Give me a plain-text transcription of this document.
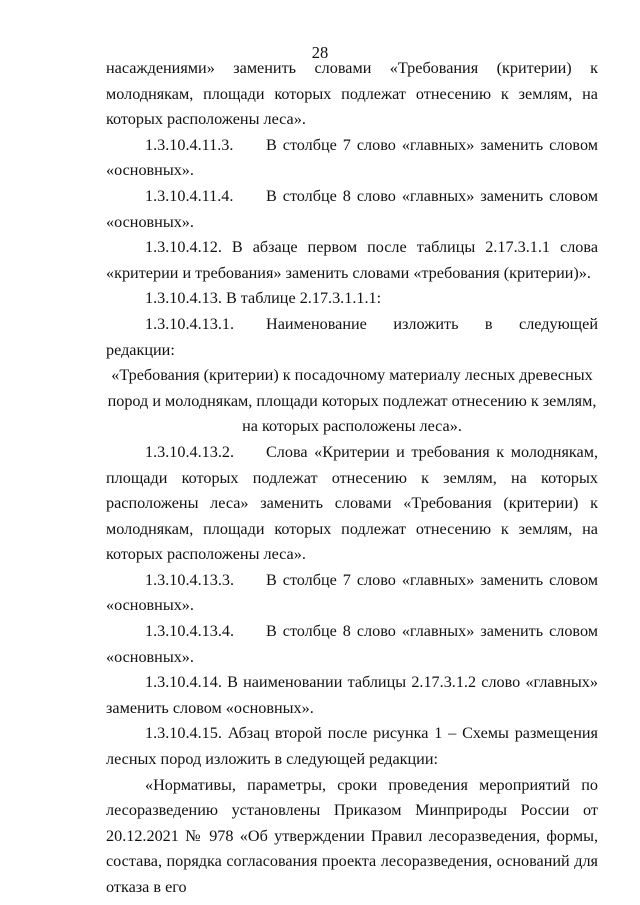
28

насаждениями» заменить словами «Требования (критерии) к молоднякам, площади которых подлежат отнесению к землям, на которых расположены леса».

1.3.10.4.11.3. В столбце 7 слово «главных» заменить словом «основных».

1.3.10.4.11.4. В столбце 8 слово «главных» заменить словом «основных».

1.3.10.4.12. В абзаце первом после таблицы 2.17.3.1.1 слова «критерии и требования» заменить словами «требования (критерии)».

1.3.10.4.13. В таблице 2.17.3.1.1.1:

1.3.10.4.13.1. Наименование изложить в следующей редакции:

«Требования (критерии) к посадочному материалу лесных древесных пород и молоднякам, площади которых подлежат отнесению к землям, на которых расположены леса».

1.3.10.4.13.2. Слова «Критерии и требования к молоднякам, площади которых подлежат отнесению к землям, на которых расположены леса» заменить словами «Требования (критерии) к молоднякам, площади которых подлежат отнесению к землям, на которых расположены леса».

1.3.10.4.13.3. В столбце 7 слово «главных» заменить словом «основных».

1.3.10.4.13.4. В столбце 8 слово «главных» заменить словом «основных».

1.3.10.4.14. В наименовании таблицы 2.17.3.1.2 слово «главных» заменить словом «основных».

1.3.10.4.15. Абзац второй после рисунка 1 – Схемы размещения лесных пород изложить в следующей редакции:

«Нормативы, параметры, сроки проведения мероприятий по лесоразведению установлены Приказом Минприроды России от 20.12.2021 № 978 «Об утверждении Правил лесоразведения, формы, состава, порядка согласования проекта лесоразведения, оснований для отказа в его
